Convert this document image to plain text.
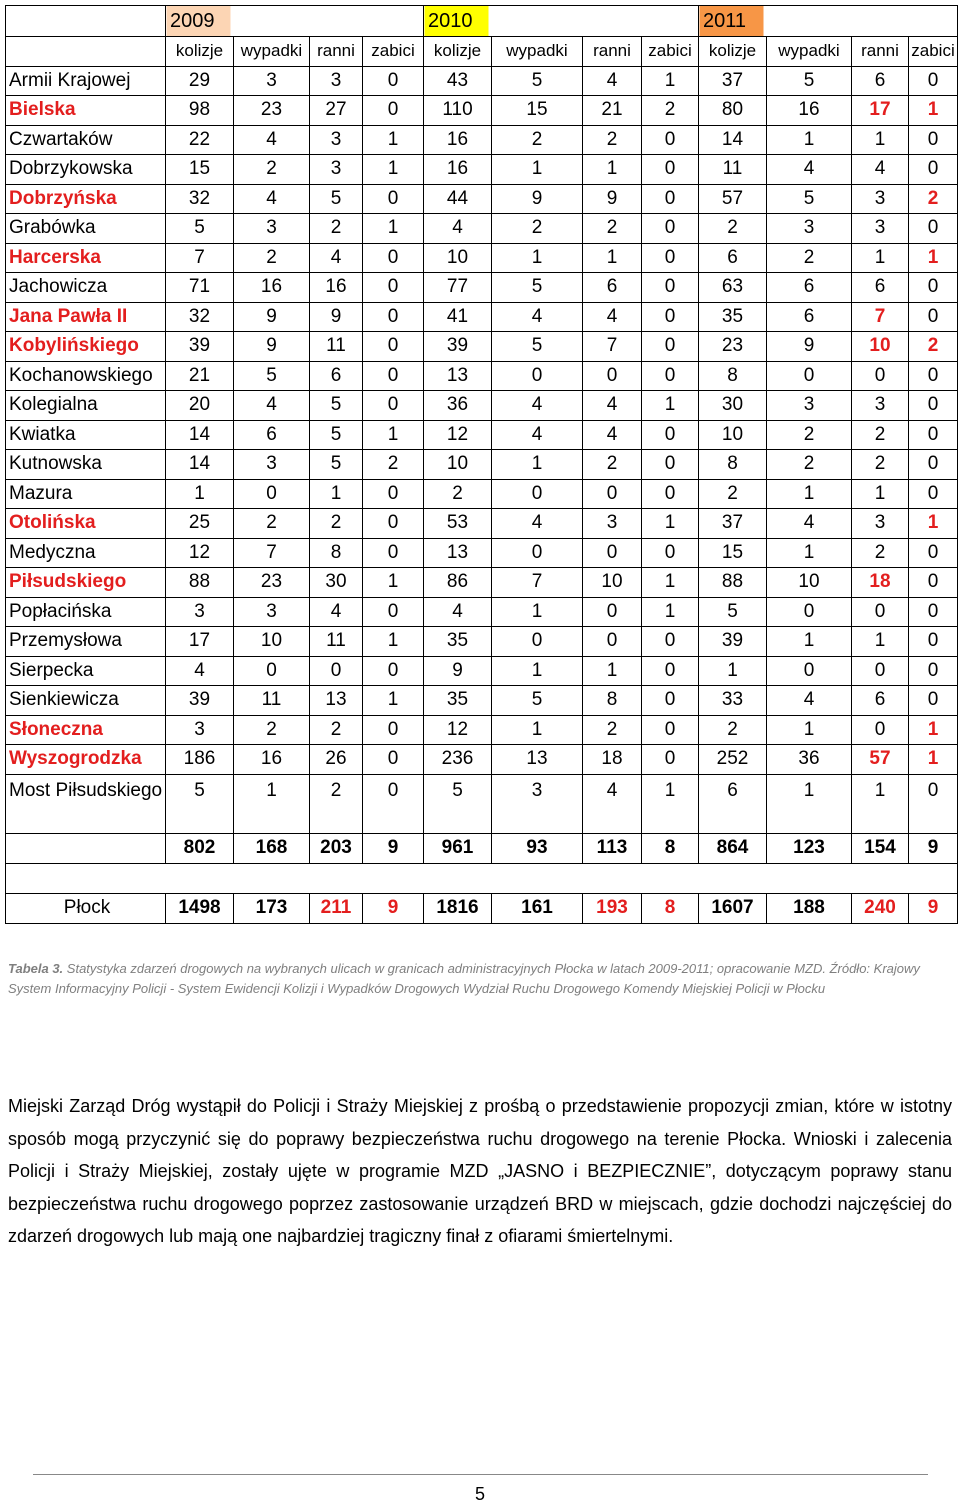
	2009				2010				2011			
	kolizje	wypadki	ranni	zabici	kolizje	wypadki	ranni	zabici	kolizje	wypadki	ranni	zabici
Armii Krajowej	29	3	3	0	43	5	4	1	37	5	6	0
Bielska	98	23	27	0	110	15	21	2	80	16	17	1
Czwartaków	22	4	3	1	16	2	2	0	14	1	1	0
Dobrzykowska	15	2	3	1	16	1	1	0	11	4	4	0
Dobrzyńska	32	4	5	0	44	9	9	0	57	5	3	2
Grabówka	5	3	2	1	4	2	2	0	2	3	3	0
Harcerska	7	2	4	0	10	1	1	0	6	2	1	1
Jachowicza	71	16	16	0	77	5	6	0	63	6	6	0
Jana Pawła II	32	9	9	0	41	4	4	0	35	6	7	0
Kobylińskiego	39	9	11	0	39	5	7	0	23	9	10	2
Kochanowskiego	21	5	6	0	13	0	0	0	8	0	0	0
Kolegialna	20	4	5	0	36	4	4	1	30	3	3	0
Kwiatka	14	6	5	1	12	4	4	0	10	2	2	0
Kutnowska	14	3	5	2	10	1	2	0	8	2	2	0
Mazura	1	0	1	0	2	0	0	0	2	1	1	0
Otolińska	25	2	2	0	53	4	3	1	37	4	3	1
Medyczna	12	7	8	0	13	0	0	0	15	1	2	0
Piłsudskiego	88	23	30	1	86	7	10	1	88	10	18	0
Popłacińska	3	3	4	0	4	1	0	1	5	0	0	0
Przemysłowa	17	10	11	1	35	0	0	0	39	1	1	0
Sierpecka	4	0	0	0	9	1	1	0	1	0	0	0
Sienkiewicza	39	11	13	1	35	5	8	0	33	4	6	0
Słoneczna	3	2	2	0	12	1	2	0	2	1	0	1
Wyszogrodzka	186	16	26	0	236	13	18	0	252	36	57	1
Most Piłsudskiego	5	1	2	0	5	3	4	1	6	1	1	0
	802	168	203	9	961	93	113	8	864	123	154	9

Płock	1498	173	211	9	1816	161	193	8	1607	188	240	9
Tabela 3. Statystyka zdarzeń drogowych na wybranych ulicach w granicach administracyjnych Płocka w latach 2009-2011; opracowanie MZD. Źródło: Krajowy System Informacyjny Policji - System Ewidencji Kolizji i Wypadków Drogowych Wydział Ruchu Drogowego Komendy Miejskiej Policji w Płocku

Miejski Zarząd Dróg wystąpił do Policji i Straży Miejskiej z prośbą o przedstawienie propozycji zmian, które w istotny sposób mogą przyczynić się do poprawy bezpieczeństwa ruchu drogowego na terenie Płocka. Wnioski i zalecenia Policji i Straży Miejskiej, zostały ujęte w programie MZD „JASNO i BEZPIECZNIE”, dotyczącym poprawy stanu bezpieczeństwa ruchu drogowego poprzez zastosowanie urządzeń BRD w miejscach, gdzie dochodzi najczęściej do zdarzeń drogowych lub mają one najbardziej tragiczny finał z ofiarami śmiertelnymi.

5
